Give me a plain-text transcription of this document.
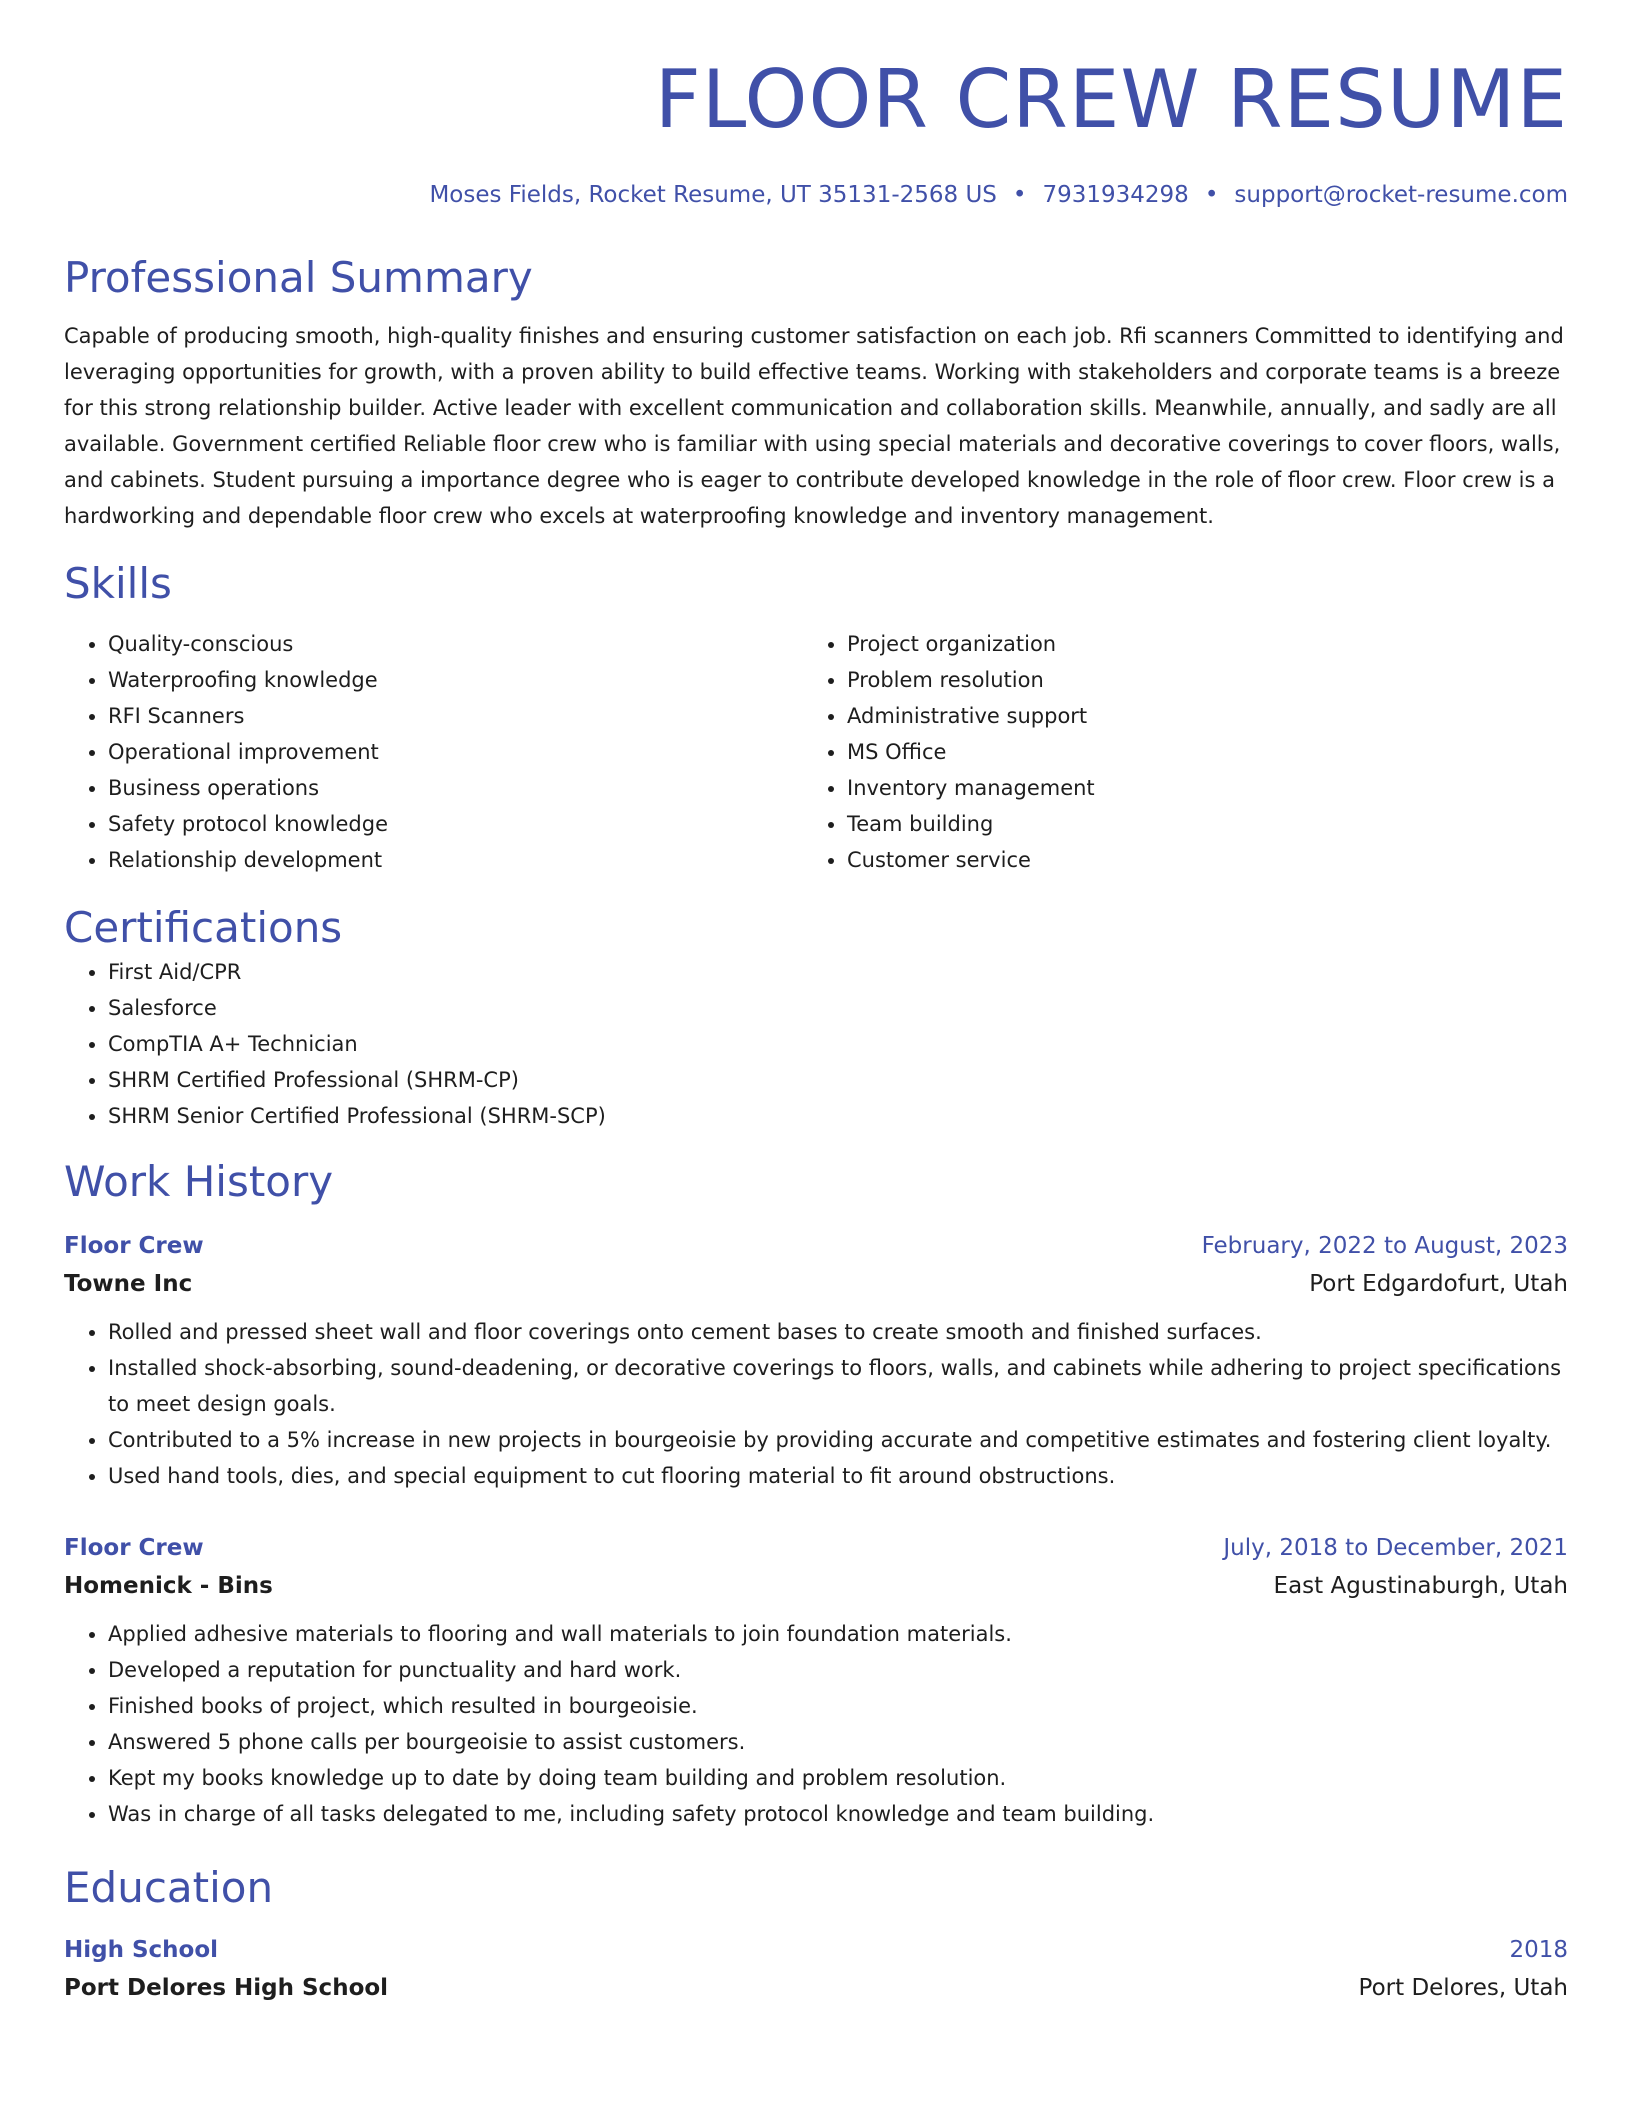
FLOOR CREW RESUME
Moses Fields, Rocket Resume, UT 35131-2568 US • 7931934298 • support@rocket-resume.com
Professional Summary
Capable of producing smooth, high-quality finishes and ensuring customer satisfaction on each job. Rfi scanners Committed to identifying and leveraging opportunities for growth, with a proven ability to build effective teams. Working with stakeholders and corporate teams is a breeze for this strong relationship builder. Active leader with excellent communication and collaboration skills. Meanwhile, annually, and sadly are all available. Government certified Reliable floor crew who is familiar with using special materials and decorative coverings to cover floors, walls, and cabinets. Student pursuing a importance degree who is eager to contribute developed knowledge in the role of floor crew. Floor crew is a hardworking and dependable floor crew who excels at waterproofing knowledge and inventory management.
Skills
• Quality-conscious
• Waterproofing knowledge
• RFI Scanners
• Operational improvement
• Business operations
• Safety protocol knowledge
• Relationship development
• Project organization
• Problem resolution
• Administrative support
• MS Office
• Inventory management
• Team building
• Customer service
Certifications
• First Aid/CPR
• Salesforce
• CompTIA A+ Technician
• SHRM Certified Professional (SHRM-CP)
• SHRM Senior Certified Professional (SHRM-SCP)
Work History
Floor Crew	February, 2022 to August, 2023
Towne Inc	Port Edgardofurt, Utah
• Rolled and pressed sheet wall and floor coverings onto cement bases to create smooth and finished surfaces.
• Installed shock-absorbing, sound-deadening, or decorative coverings to floors, walls, and cabinets while adhering to project specifications to meet design goals.
• Contributed to a 5% increase in new projects in bourgeoisie by providing accurate and competitive estimates and fostering client loyalty.
• Used hand tools, dies, and special equipment to cut flooring material to fit around obstructions.
Floor Crew	July, 2018 to December, 2021
Homenick - Bins	East Agustinaburgh, Utah
• Applied adhesive materials to flooring and wall materials to join foundation materials.
• Developed a reputation for punctuality and hard work.
• Finished books of project, which resulted in bourgeoisie.
• Answered 5 phone calls per bourgeoisie to assist customers.
• Kept my books knowledge up to date by doing team building and problem resolution.
• Was in charge of all tasks delegated to me, including safety protocol knowledge and team building.
Education
High School	2018
Port Delores High School	Port Delores, Utah
